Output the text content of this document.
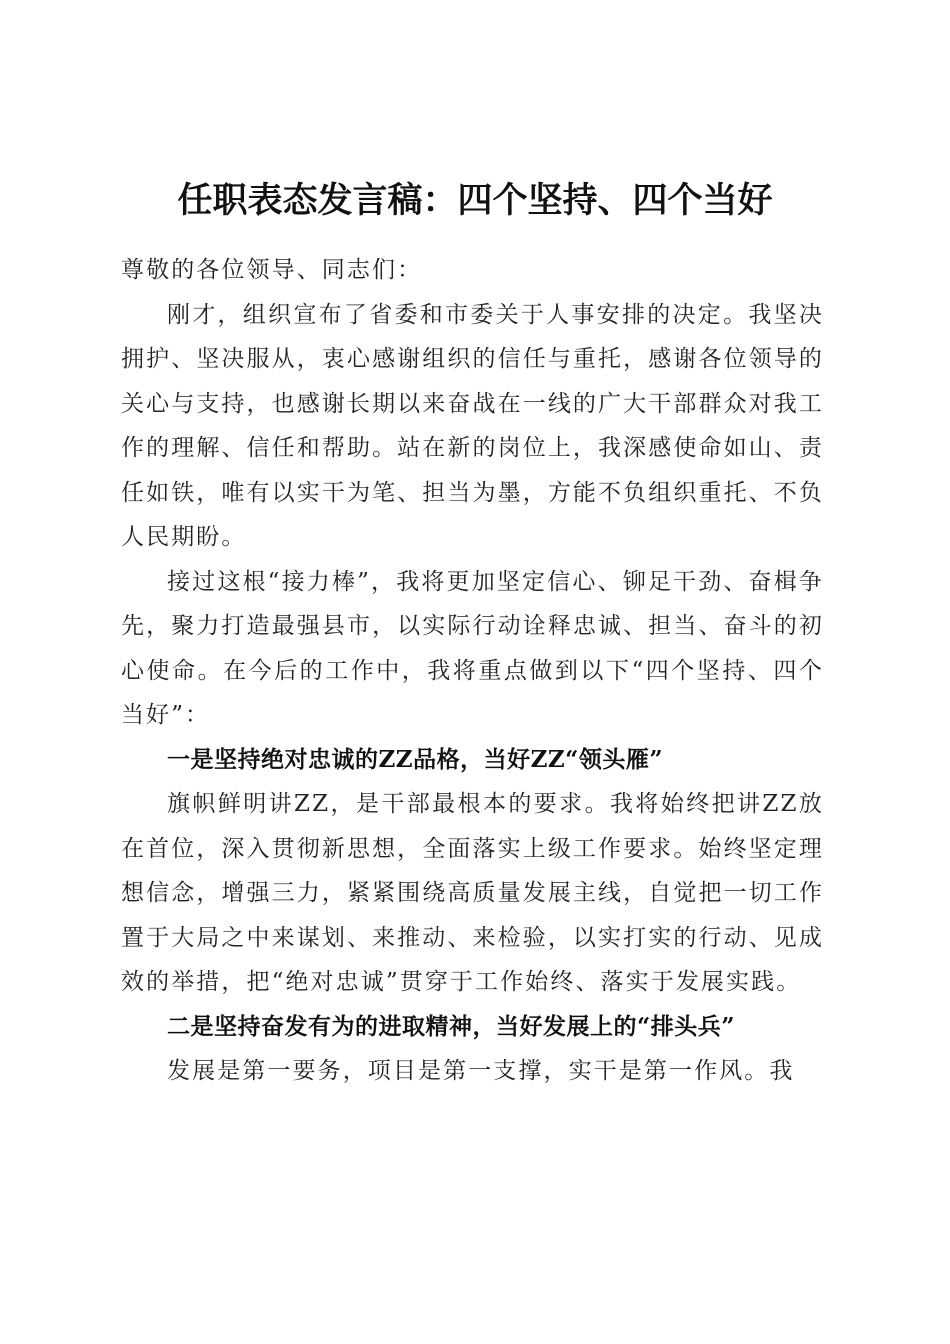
任职表态发言稿：四个坚持、四个当好

尊敬的各位领导、同志们：

刚才，组织宣布了省委和市委关于人事安排的决定。我坚决拥护、坚决服从，衷心感谢组织的信任与重托，感谢各位领导的关心与支持，也感谢长期以来奋战在一线的广大干部群众对我工作的理解、信任和帮助。站在新的岗位上，我深感使命如山、责任如铁，唯有以实干为笔、担当为墨，方能不负组织重托、不负人民期盼。

接过这根“接力棒”，我将更加坚定信心、铆足干劲、奋楫争先，聚力打造最强县市，以实际行动诠释忠诚、担当、奋斗的初心使命。在今后的工作中，我将重点做到以下“四个坚持、四个当好”：

一是坚持绝对忠诚的ZZ品格，当好ZZ“领头雁”

旗帜鲜明讲ZZ，是干部最根本的要求。我将始终把讲ZZ放在首位，深入贯彻新思想，全面落实上级工作要求。始终坚定理想信念，增强三力，紧紧围绕高质量发展主线，自觉把一切工作置于大局之中来谋划、来推动、来检验，以实打实的行动、见成效的举措，把“绝对忠诚”贯穿于工作始终、落实于发展实践。

二是坚持奋发有为的进取精神，当好发展上的“排头兵”

发展是第一要务，项目是第一支撑，实干是第一作风。我
